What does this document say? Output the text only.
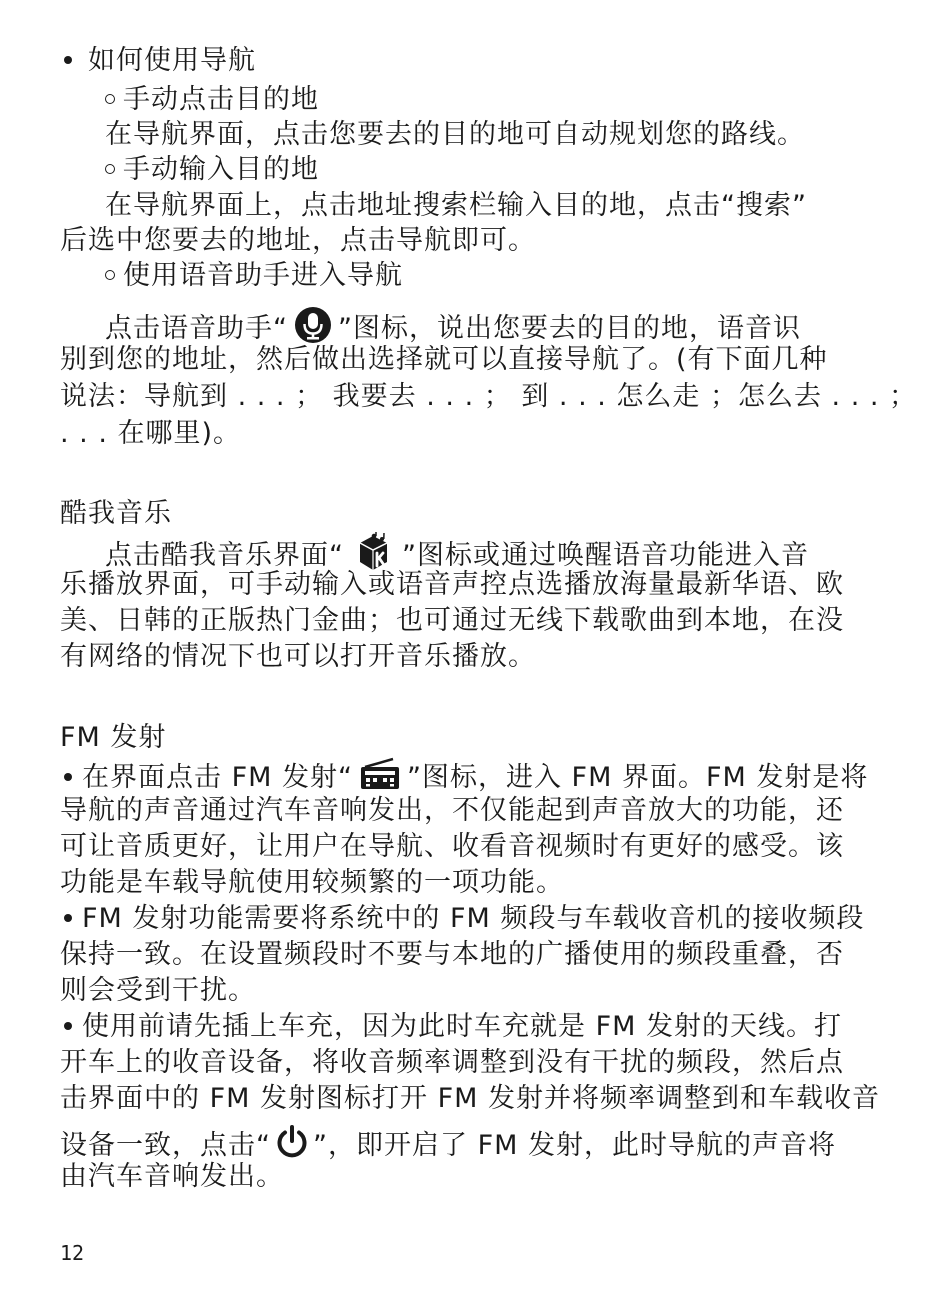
如何使用导航
手动点击目的地
在导航界面，点击您要去的目的地可自动规划您的路线。
手动输入目的地
在导航界面上，点击地址搜索栏输入目的地，点击“搜索”
后选中您要去的地址，点击导航即可。
使用语音助手进入导航
点击语音助手“ ”图标，说出您要去的目的地，语音识
别到您的地址，然后做出选择就可以直接导航了。(有下面几种
说法：导航到 . . . ； 我要去 . . . ； 到 . . . 怎么走 ；怎么去 . . . ；
. . . 在哪里)。
酷我音乐
点击酷我音乐界面“ ”图标或通过唤醒语音功能进入音
乐播放界面，可手动输入或语音声控点选播放海量最新华语、欧
美、日韩的正版热门金曲；也可通过无线下载歌曲到本地，在没
有网络的情况下也可以打开音乐播放。
FM 发射
在界面点击 FM 发射“ ”图标，进入 FM 界面。FM 发射是将
导航的声音通过汽车音响发出，不仅能起到声音放大的功能，还
可让音质更好，让用户在导航、收看音视频时有更好的感受。该
功能是车载导航使用较频繁的一项功能。
FM 发射功能需要将系统中的 FM 频段与车载收音机的接收频段
保持一致。在设置频段时不要与本地的广播使用的频段重叠，否
则会受到干扰。
使用前请先插上车充，因为此时车充就是 FM 发射的天线。打
开车上的收音设备，将收音频率调整到没有干扰的频段，然后点
击界面中的 FM 发射图标打开 FM 发射并将频率调整到和车载收音
设备一致，点击“ ”，即开启了 FM 发射，此时导航的声音将
由汽车音响发出。
12
